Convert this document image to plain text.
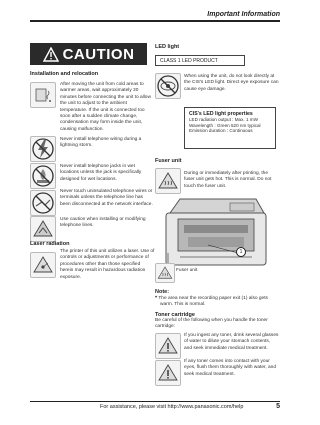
Important Information
CAUTION
Installation and relocation
After moving the unit from cold areas to
warmer areas, wait approximately 30
minutes before connecting the unit to allow
the unit to adjust to the ambient
temperature. If the unit is connected too
soon after a sudden climate change,
condensation may form inside the unit,
causing malfunction.
Never install telephone wiring during a
lightning storm.
Never install telephone jacks in wet
locations unless the jack is specifically
designed for wet locations.
Never touch uninsulated telephone wires or
terminals unless the telephone line has
been disconnected at the network interface.
Use caution when installing or modifying
telephone lines.
Laser radiation
The printer of this unit utilizes a laser. Use of
controls or adjustments or performance of
procedures other than those specified
herein may result in hazardous radiation
exposure.
LED light
CLASS 1 LED PRODUCT
When using the unit, do not look directly at
the CIS's LED light. Direct eye exposure can
cause eye damage.
CIS's LED light properties
LED radiation output : Max. 1 mW
Wavelength : Green 520 nm typical
Emission duration : Continuous
Fuser unit
During or immediately after printing, the
fuser unit gets hot. This is normal. Do not
touch the fuser unit.
1
Fuser unit
Note:
• The area near the recording paper exit (1) also gets
warm. This is normal.
Toner cartridge
Be careful of the following when you handle the toner
cartridge:
If you ingest any toner, drink several glasses
of water to dilute your stomach contents,
and seek immediate medical treatment.
If any toner comes into contact with your
eyes, flush them thoroughly with water, and
seek medical treatment.
For assistance, please visit http://www.panasonic.com/help	5
